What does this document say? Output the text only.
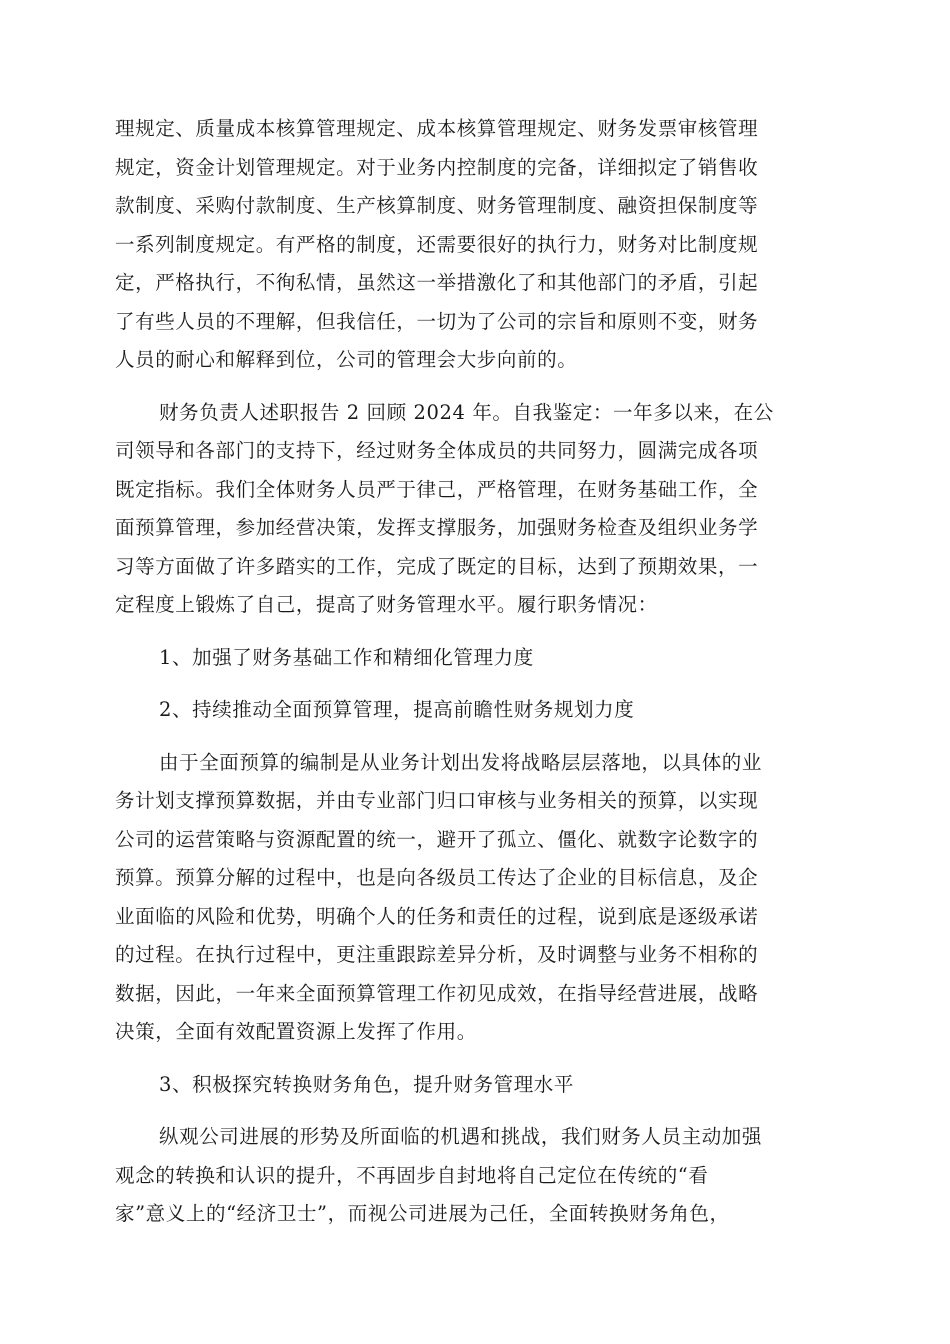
理规定、质量成本核算管理规定、成本核算管理规定、财务发票审核管理
规定，资金计划管理规定。对于业务内控制度的完备，详细拟定了销售收
款制度、采购付款制度、生产核算制度、财务管理制度、融资担保制度等
一系列制度规定。有严格的制度，还需要很好的执行力，财务对比制度规
定，严格执行，不徇私情，虽然这一举措激化了和其他部门的矛盾，引起
了有些人员的不理解，但我信任，一切为了公司的宗旨和原则不变，财务
人员的耐心和解释到位，公司的管理会大步向前的。
财务负责人述职报告 2 回顾 2024 年。自我鉴定：一年多以来，在公
司领导和各部门的支持下，经过财务全体成员的共同努力，圆满完成各项
既定指标。我们全体财务人员严于律己，严格管理，在财务基础工作，全
面预算管理，参加经营决策，发挥支撑服务，加强财务检查及组织业务学
习等方面做了许多踏实的工作，完成了既定的目标，达到了预期效果，一
定程度上锻炼了自己，提高了财务管理水平。履行职务情况：
1、加强了财务基础工作和精细化管理力度
2、持续推动全面预算管理，提高前瞻性财务规划力度
由于全面预算的编制是从业务计划出发将战略层层落地，以具体的业
务计划支撑预算数据，并由专业部门归口审核与业务相关的预算，以实现
公司的运营策略与资源配置的统一，避开了孤立、僵化、就数字论数字的
预算。预算分解的过程中，也是向各级员工传达了企业的目标信息，及企
业面临的风险和优势，明确个人的任务和责任的过程，说到底是逐级承诺
的过程。在执行过程中，更注重跟踪差异分析，及时调整与业务不相称的
数据，因此，一年来全面预算管理工作初见成效，在指导经营进展，战略
决策，全面有效配置资源上发挥了作用。
3、积极探究转换财务角色，提升财务管理水平
纵观公司进展的形势及所面临的机遇和挑战，我们财务人员主动加强
观念的转换和认识的提升，不再固步自封地将自己定位在传统的“看
家”意义上的“经济卫士”，而视公司进展为己任，全面转换财务角色，
